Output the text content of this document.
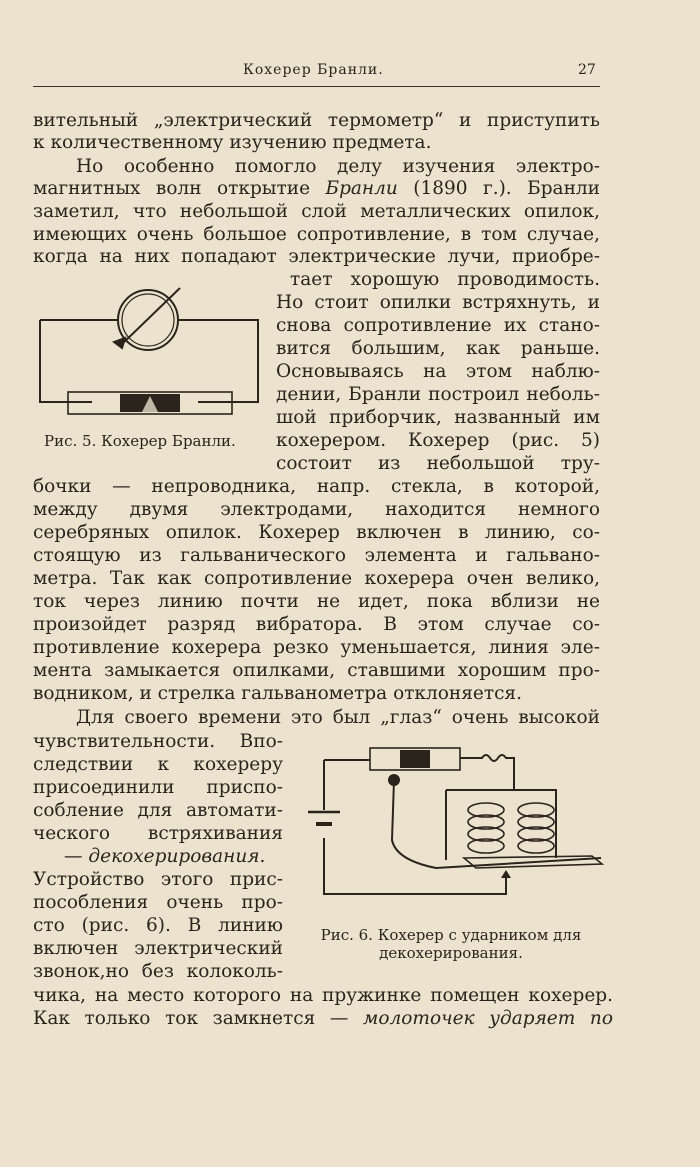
Кохерер Бранли.	27
вительный „электрический термометр“ и приступить
к количественному изучению предмета.
Но особенно помогло делу изучения электро-
магнитных волн открытие Бранли (1890 г.). Бранли
заметил, что небольшой слой металлических опилок,
имеющих очень большое сопротивление, в том случае,
когда на них попадают электрические лучи, приобре-
тает хорошую проводимость.
Но стоит опилки встряхнуть, и
снова сопротивление их стано-
вится большим, как раньше.
Основываясь на этом наблю-
дении, Бранли построил неболь-
шой приборчик, названный им
кохерером. Кохерер (рис. 5)
состоит из небольшой тру-
бочки — непроводника, напр. стекла, в которой,
между двумя электродами, находится немного
серебряных опилок. Кохерер включен в линию, со-
стоящую из гальванического элемента и гальвано-
метра. Так как сопротивление кохерера очен велико,
ток через линию почти не идет, пока вблизи не
произойдет разряд вибратора. В этом случае со-
противление кохерера резко уменьшается, линия эле-
мента замыкается опилками, ставшими хорошим про-
водником, и стрелка гальванометра отклоняется.
Для своего времени это был „глаз“ очень высокой
чувствительности. Впо-
следствии к кохереру
присоединили приспо-
собление для автомати-
ческого встряхивания
— декохерирования.
Устройство этого прис-
пособления очень про-
сто (рис. 6). В линию
включен электрический
звонок,но без колоколь-
чика, на место которого на пружинке помещен кохерер.
Как только ток замкнется — молоточек ударяет по
Рис. 5. Кохерер Бранли.
Рис. 6. Кохерер с ударником для
декохерирования.
